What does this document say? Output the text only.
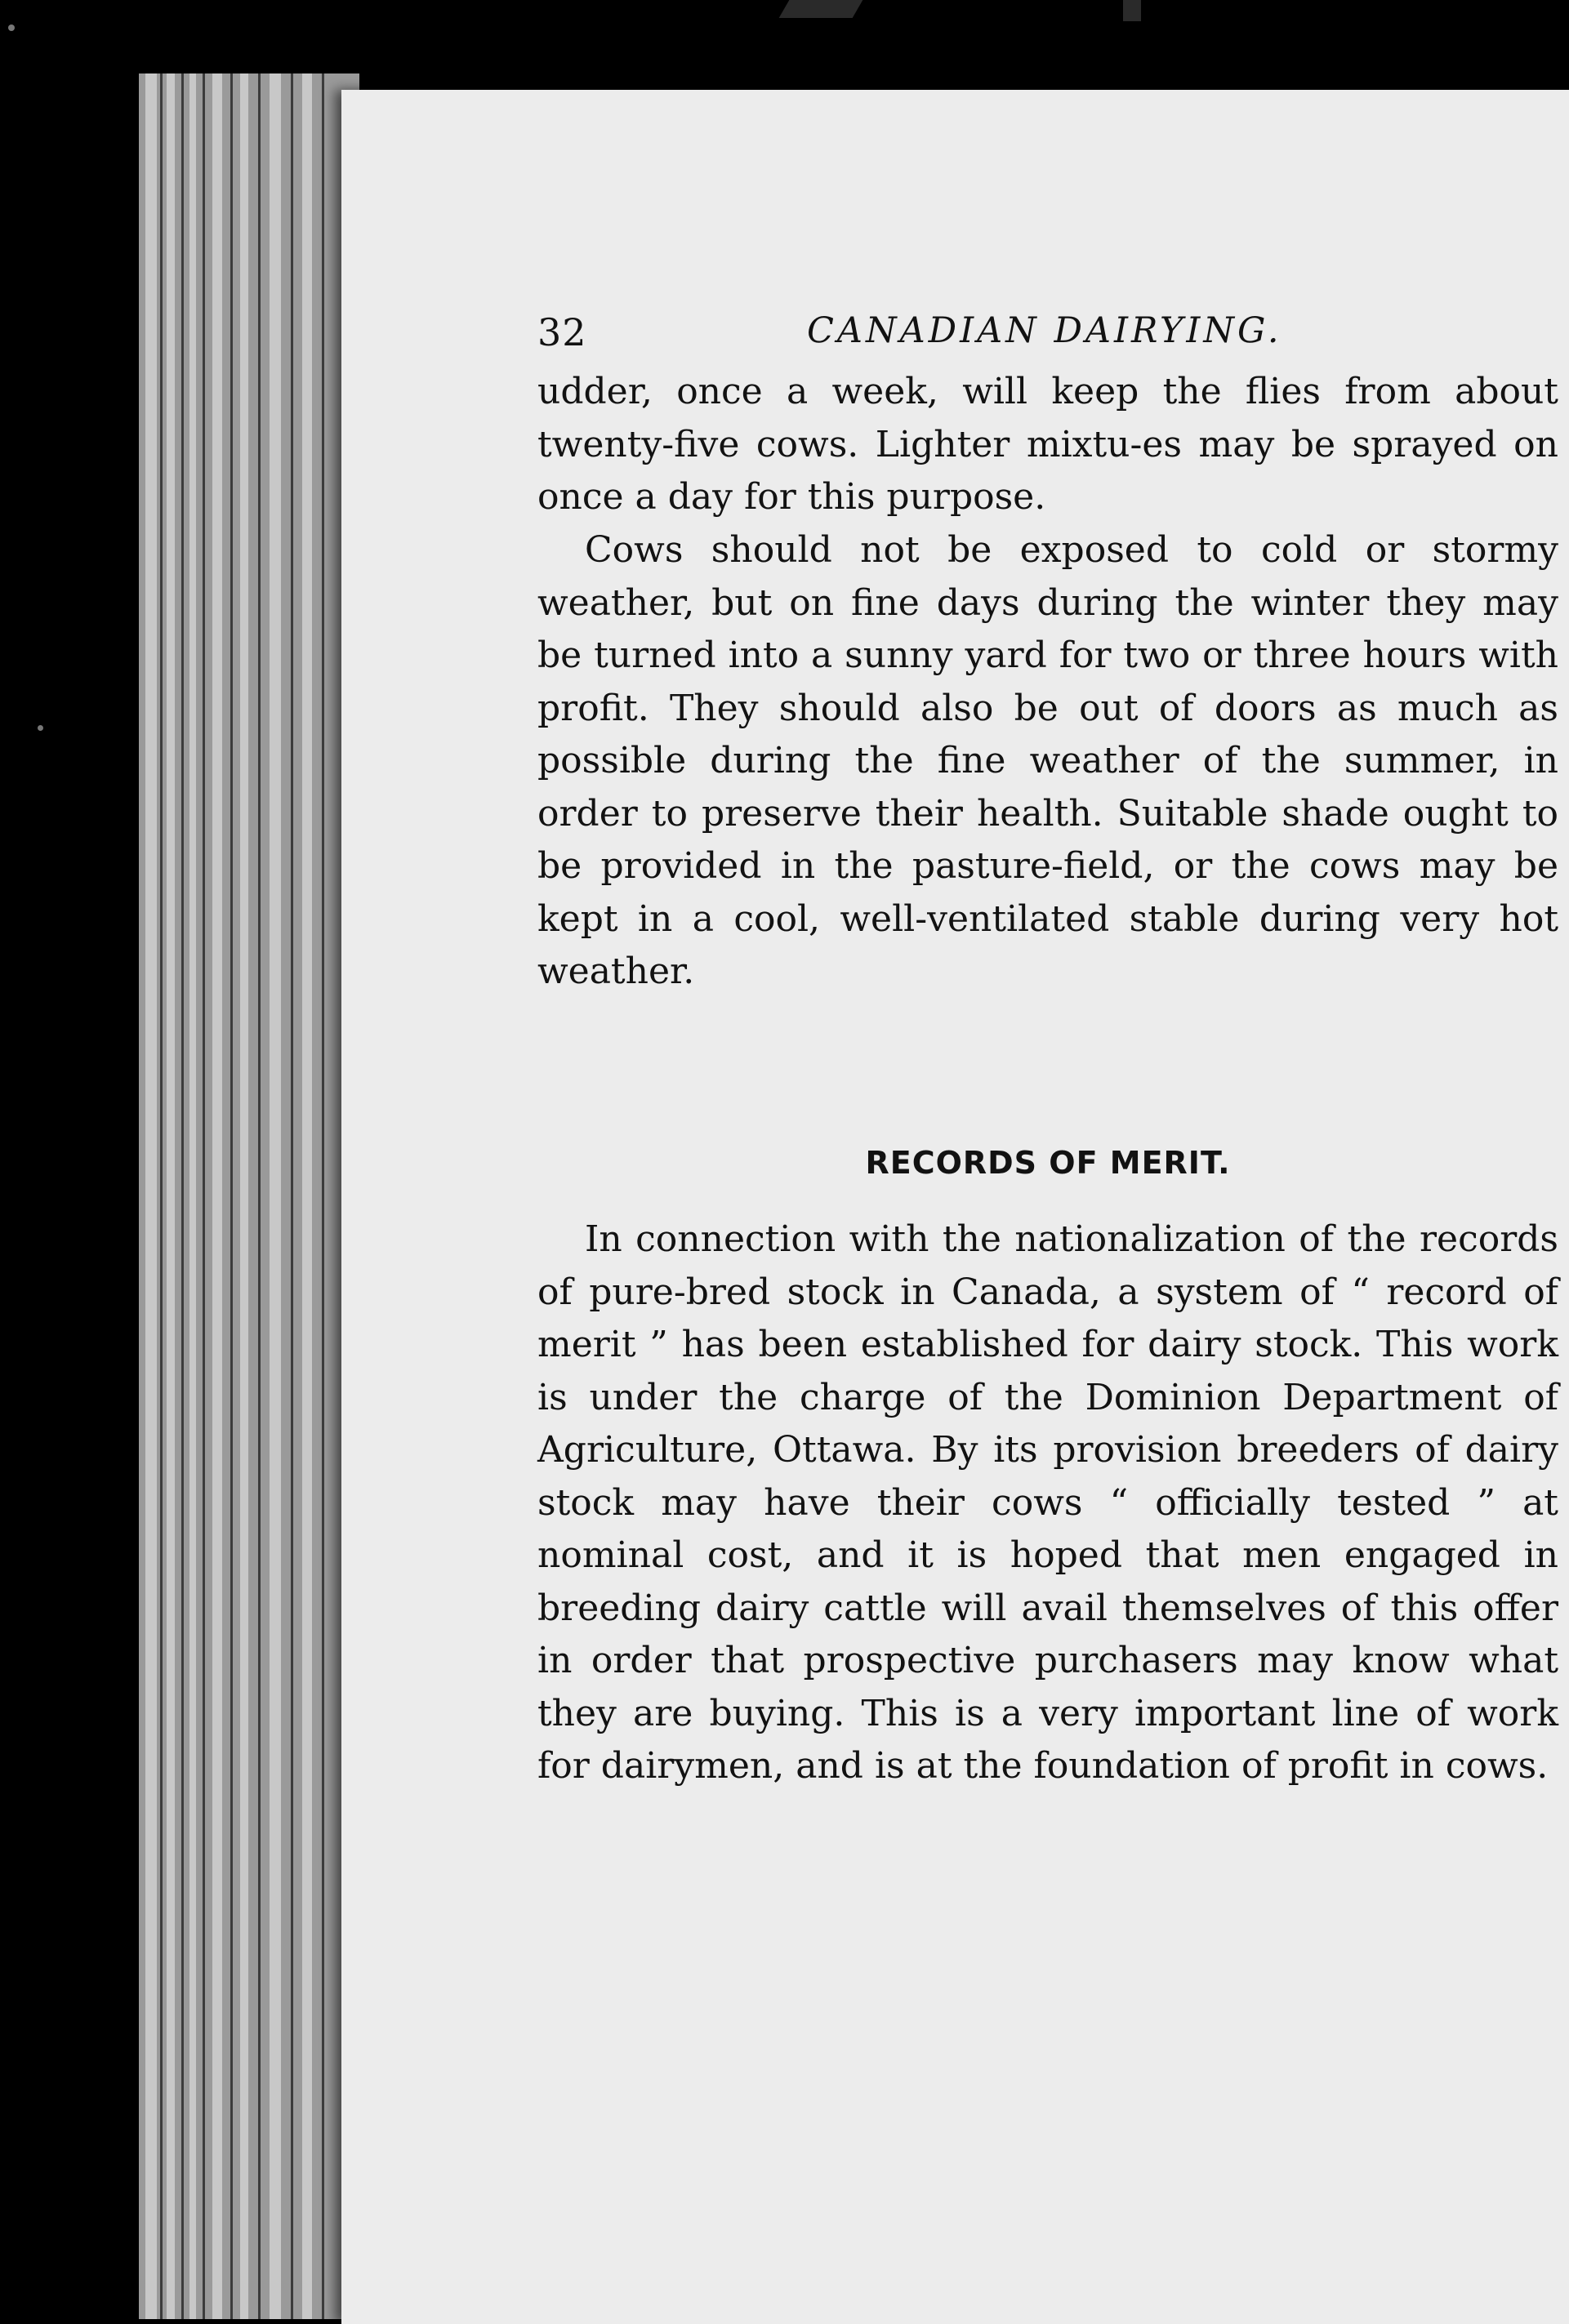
32	CANADIAN DAIRYING.

udder, once a week, will keep the flies from about twenty-five cows. Lighter mixtu-es may be sprayed on once a day for this purpose.

Cows should not be exposed to cold or stormy weather, but on fine days during the winter they may be turned into a sunny yard for two or three hours with profit. They should also be out of doors as much as possible during the fine weather of the summer, in order to preserve their health. Suitable shade ought to be provided in the pasture-field, or the cows may be kept in a cool, well-ventilated stable during very hot weather.

RECORDS OF MERIT.

In connection with the nationalization of the records of pure-bred stock in Canada, a system of “ record of merit ” has been established for dairy stock. This work is under the charge of the Dominion Department of Agriculture, Ottawa. By its provision breeders of dairy stock may have their cows “ officially tested ” at nominal cost, and it is hoped that men engaged in breeding dairy cattle will avail themselves of this offer in order that prospective purchasers may know what they are buying. This is a very important line of work for dairymen, and is at the foundation of profit in cows.
